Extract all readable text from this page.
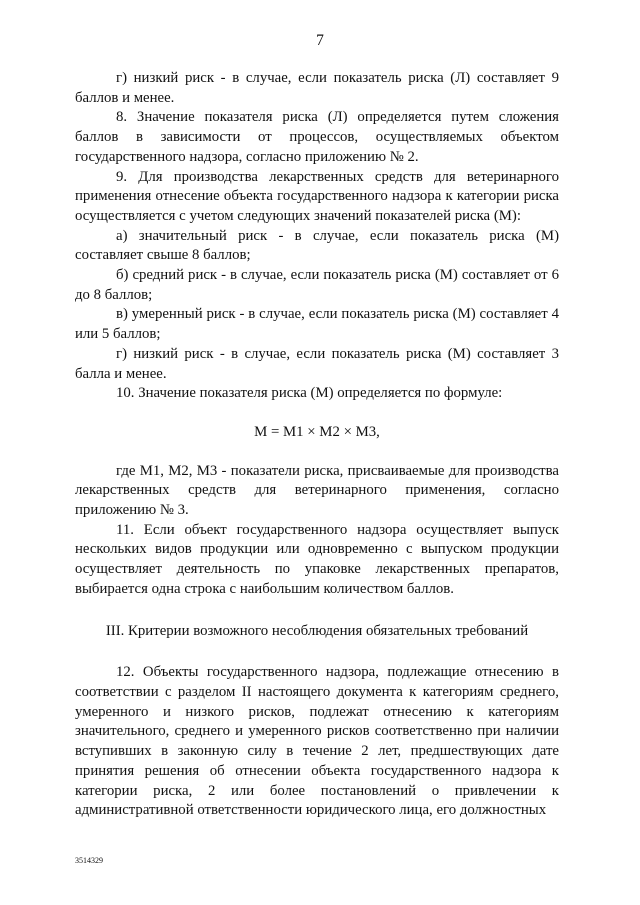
7

г) низкий риск - в случае, если показатель риска (Л) составляет 9 баллов и менее.

8. Значение показателя риска (Л) определяется путем сложения баллов в зависимости от процессов, осуществляемых объектом государственного надзора, согласно приложению № 2.

9. Для производства лекарственных средств для ветеринарного применения отнесение объекта государственного надзора к категории риска осуществляется с учетом следующих значений показателей риска (М):

а) значительный риск - в случае, если показатель риска (М) составляет свыше 8 баллов;

б) средний риск - в случае, если показатель риска (М) составляет от 6 до 8 баллов;

в) умеренный риск - в случае, если показатель риска (М) составляет 4 или 5 баллов;

г) низкий риск - в случае, если показатель риска (М) составляет 3 балла и менее.

10. Значение показателя риска (М) определяется по формуле:

М = М1 × М2 × М3,

где М1, М2, М3 - показатели риска, присваиваемые для производства лекарственных средств для ветеринарного применения, согласно приложению № 3.

11. Если объект государственного надзора осуществляет выпуск нескольких видов продукции или одновременно с выпуском продукции осуществляет деятельность по упаковке лекарственных препаратов, выбирается одна строка с наибольшим количеством баллов.

III. Критерии возможного несоблюдения обязательных требований

12. Объекты государственного надзора, подлежащие отнесению в соответствии с разделом II настоящего документа к категориям среднего, умеренного и низкого рисков, подлежат отнесению к категориям значительного, среднего и умеренного рисков соответственно при наличии вступивших в законную силу в течение 2 лет, предшествующих дате принятия решения об отнесении объекта государственного надзора к категории риска, 2 или более постановлений о привлечении к административной ответственности юридического лица, его должностных

3514329
